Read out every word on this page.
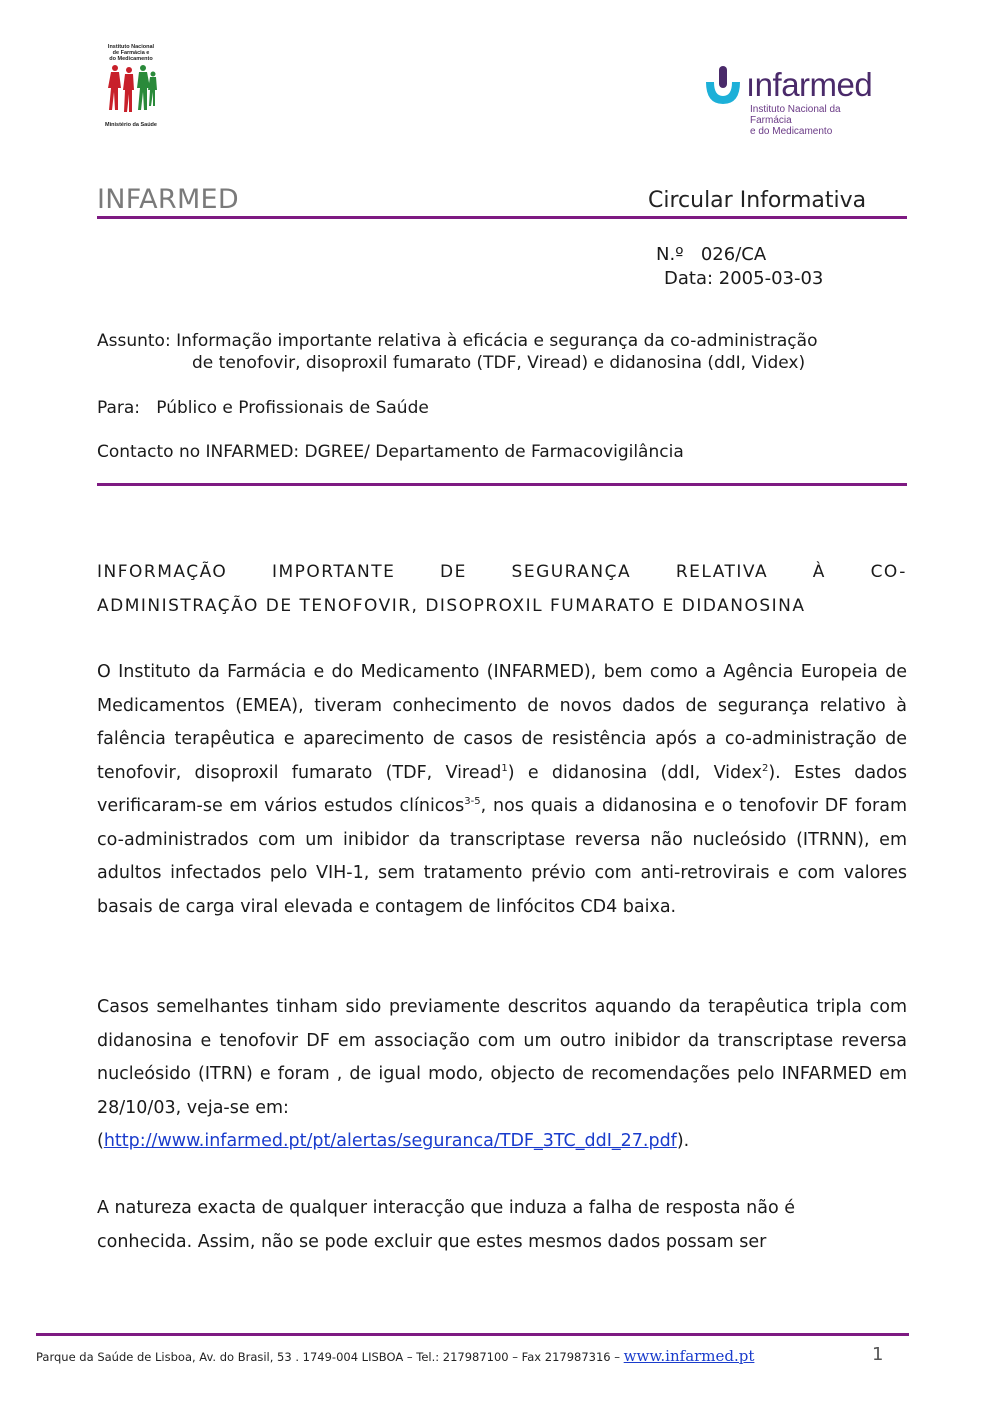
Instituto Nacional
de Farmácia e
do Medicamento
Ministério da Saúde
ınfarmed
Instituto Nacional da Farmácia
e do Medicamento
INFARMED	Circular Informativa
N.º 026/CA
Data: 2005-03-03
Assunto: Informação importante relativa à eficácia e segurança da co-administração
de tenofovir, disoproxil fumarato (TDF, Viread) e didanosina (ddI, Videx)
Para: Público e Profissionais de Saúde
Contacto no INFARMED: DGREE/ Departamento de Farmacovigilância
INFORMAÇÃO	IMPORTANTE	DE	SEGURANÇA	RELATIVA	À	CO-
ADMINISTRAÇÃO DE TENOFOVIR, DISOPROXIL FUMARATO E DIDANOSINA
O Instituto da Farmácia e do Medicamento (INFARMED), bem como a Agência Europeia de Medicamentos (EMEA), tiveram conhecimento de novos dados de segurança relativo à falência terapêutica e aparecimento de casos de resistência após a co-administração de tenofovir, disoproxil fumarato (TDF, Viread$^1$) e didanosina (ddI, Videx$^2$). Estes dados verificaram-se em vários estudos clínicos$^{3-5}$, nos quais a didanosina e o tenofovir DF foram co-administrados com um inibidor da transcriptase reversa não nucleósido (ITRNN), em adultos infectados pelo VIH-1, sem tratamento prévio com anti-retrovirais e com valores basais de carga viral elevada e contagem de linfócitos CD4 baixa.
Casos semelhantes tinham sido previamente descritos aquando da terapêutica tripla com didanosina e tenofovir DF em associação com um outro inibidor da transcriptase reversa nucleósido (ITRN) e foram , de igual modo, objecto de recomendações pelo INFARMED em 28/10/03, veja-se em:
(http://www.infarmed.pt/pt/alertas/seguranca/TDF_3TC_ddI_27.pdf).
A natureza exacta de qualquer interacção que induza a falha de resposta não é
conhecida. Assim, não se pode excluir que estes mesmos dados possam ser
Parque da Saúde de Lisboa, Av. do Brasil, 53 . 1749-004 LISBOA – Tel.: 217987100 – Fax 217987316 – www.infarmed.pt	1
